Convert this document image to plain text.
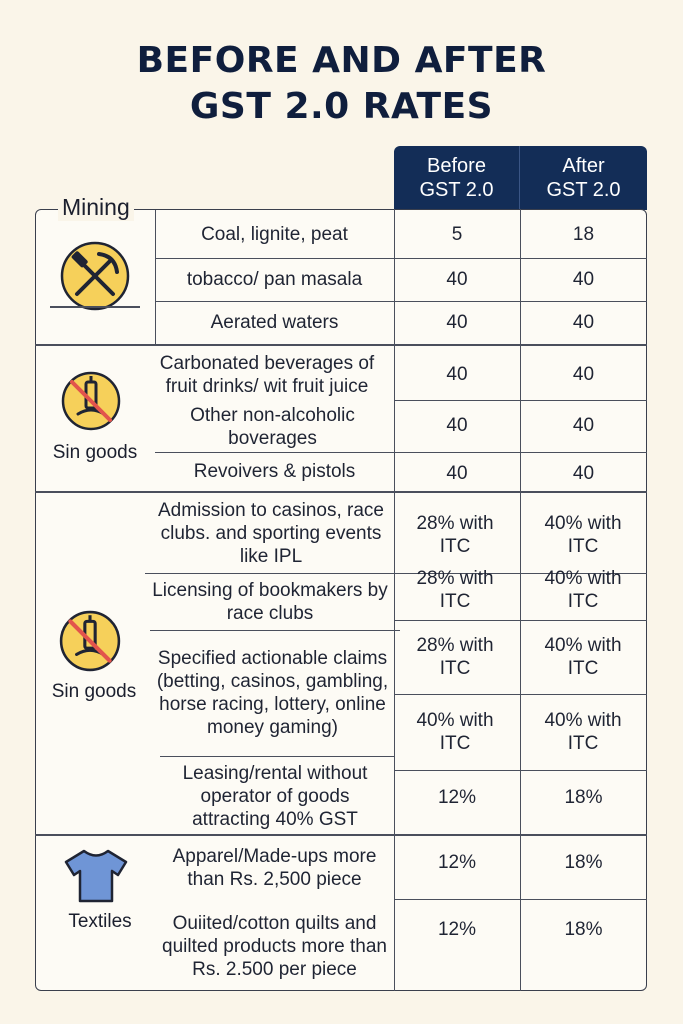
BEFORE AND AFTER
GST 2.0 RATES
Before
GST 2.0
After
GST 2.0
Mining
Sin goods
Sin goods
Textiles
Coal, lignite, peat
tobacco/ pan masala
Aerated waters
Carbonated beverages of fruit drinks/ wit fruit juice
Other non-alcoholic boverages
Revoivers & pistols
Admission to casinos, race clubs. and sporting events like IPL
Licensing of bookmakers by race clubs
Specified actionable claims (betting, casinos, gambling, horse racing, lottery, online money gaming)
Leasing/rental without operator of goods attracting 40% GST
Apparel/Made-ups more than Rs. 2,500 piece
Ouiited/cotton quilts and quilted products more than Rs. 2.500 per piece
5
40
40
40
40
40
28% with ITC
28% with ITC
28% with ITC
40% with ITC
12%
12%
12%
18
40
40
40
40
40
40% with ITC
40% with ITC
40% with ITC
40% with ITC
18%
18%
18%
